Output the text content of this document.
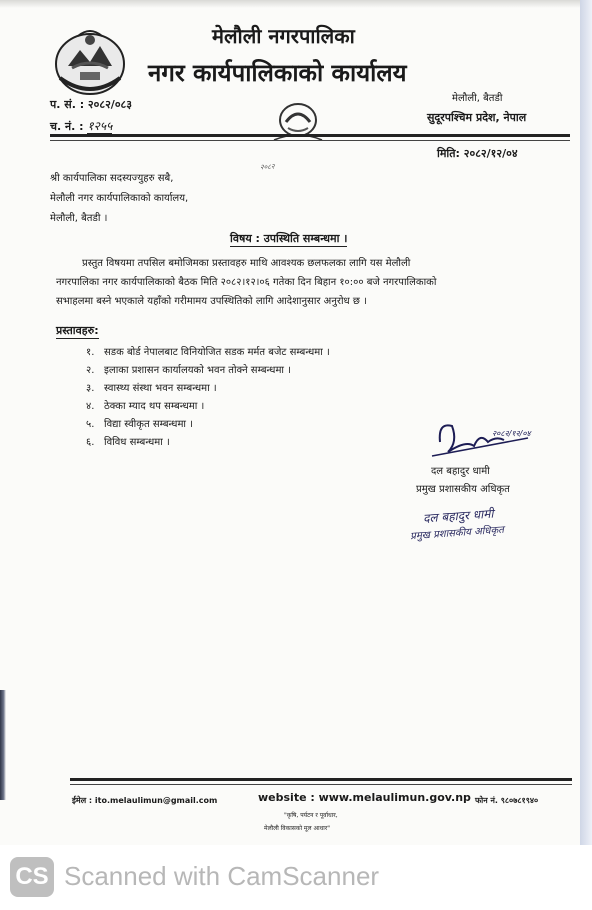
मेलौली नगरपालिका
नगर कार्यपालिकाको कार्यालय
प. सं. : २०८२/०८३
च. नं. : १२५५
मेलौली, बैतडी
सुदूरपश्चिम प्रदेश, नेपाल
मिति: २०८२/१२/०४
२०८२
श्री कार्यपालिका सदस्यज्युहरु सबै,
मेलौली नगर कार्यपालिकाको कार्यालय,
मेलौली, बैतडी ।
विषय : उपस्थिति सम्बन्धमा ।
प्रस्तुत विषयमा तपसिल बमोजिमका प्रस्तावहरु माथि आवश्यक छलफलका लागि यस मेलौली
नगरपालिका नगर कार्यपालिकाको बैठक मिति २०८२।१२।०६ गतेका दिन बिहान १०:०० बजे नगरपालिकाको
सभाहलमा बस्ने भएकाले यहाँको गरीमामय उपस्थितिको लागि आदेशानुसार अनुरोध छ ।
प्रस्तावहरु:
१. सडक बोर्ड नेपालबाट विनियोजित सडक मर्मत बजेट सम्बन्धमा ।
२. इलाका प्रशासन कार्यालयको भवन तोक्ने सम्बन्धमा ।
३. स्वास्थ्य संस्था भवन सम्बन्धमा ।
४. ठेक्का म्याद थप सम्बन्धमा ।
५. विद्या स्वीकृत सम्बन्धमा ।
६. विविध सम्बन्धमा ।
२०८२/१२/०४
दल बहादुर धामी
प्रमुख प्रशासकीय अधिकृत
दल बहादुर धामी
प्रमुख प्रशासकीय अधिकृत
ईमेल : ito.melaulimun@gmail.com	website : www.melaulimun.gov.np
"कृषि, पर्यटन र पूर्वाधार,
मेलौली विकासको मूल आधार"
फोन नं. ९८०७८१९४०
CS Scanned with CamScanner
